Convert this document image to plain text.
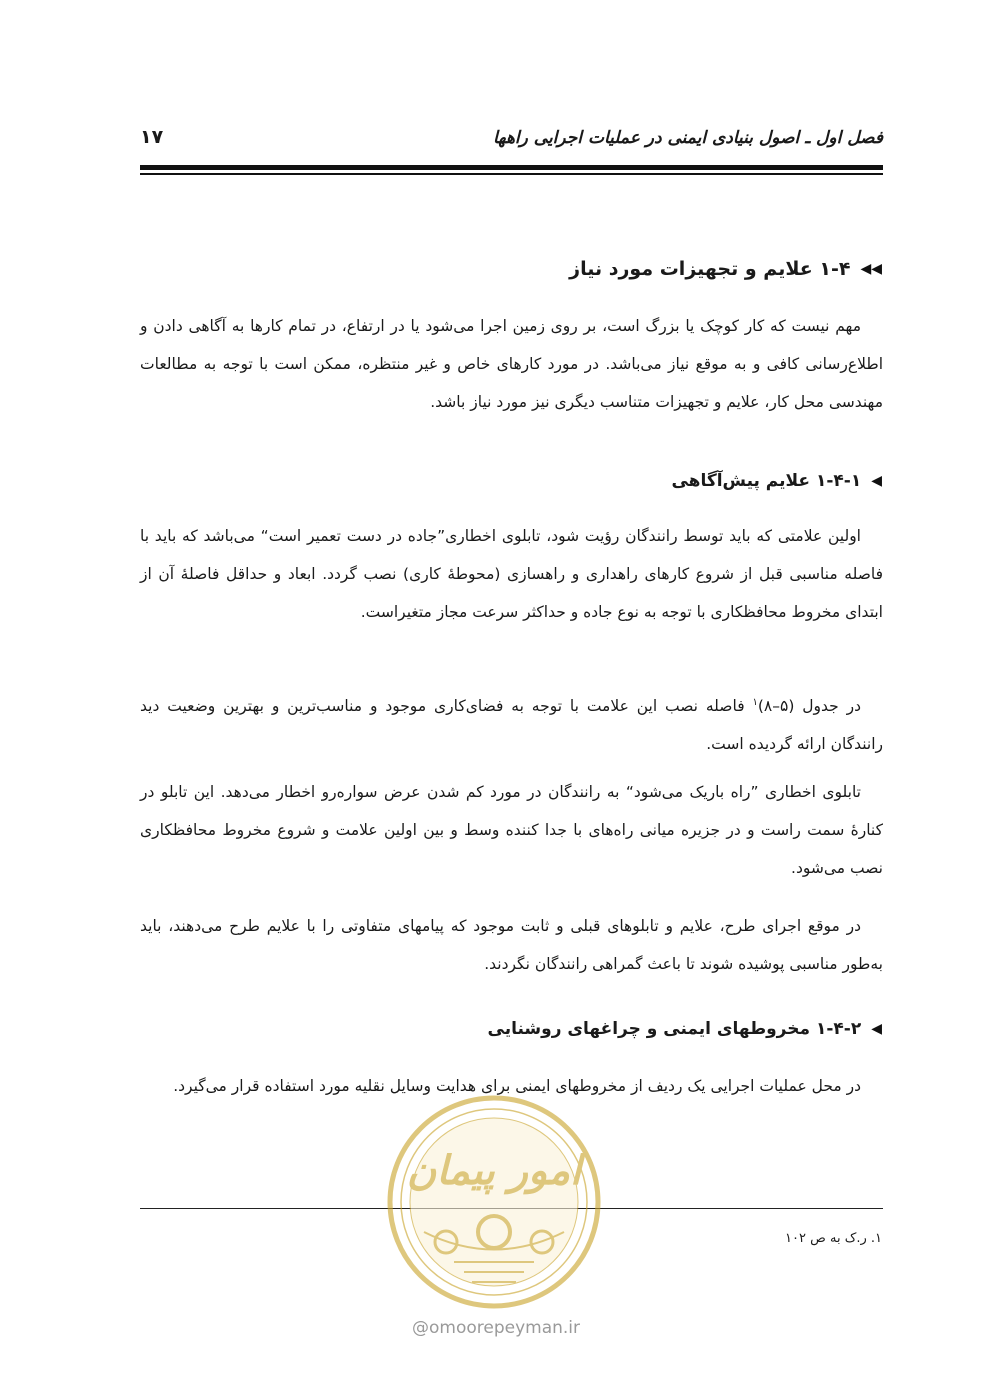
فصل اول ـ اصول بنیادی ایمنی در عملیات اجرایی راهها
۱۷
◀◀
۱-۴ علایم و تجهیزات مورد نیاز

مهم نیست که کار کوچک یا بزرگ است، بر روی زمین اجرا می‌شود یا در ارتفاع، در تمام کارها به آگاهی دادن و اطلاع‌رسانی کافی و به موقع نیاز می‌باشد. در مورد کارهای خاص و غیر منتظره، ممکن است با توجه به مطالعات مهندسی محل کار، علایم و تجهیزات متناسب دیگری نیز مورد نیاز باشد.

◀
۱-۴-۱ علایم پیش‌آگاهی

اولین علامتی که باید توسط رانندگان رؤیت شود، تابلوی اخطاری”جاده در دست تعمیر است“ می‌باشد که باید با فاصله مناسبی قبل از شروع کارهای راهداری و راهسازی (محوطهٔ کاری) نصب گردد. ابعاد و حداقل فاصلهٔ آن از ابتدای مخروط محافظکاری با توجه به نوع جاده و حداکثر سرعت مجاز متغیراست.

در جدول (۵–۸)$^۱$ فاصله نصب این علامت با توجه به فضای‌کاری موجود و مناسب‌ترین و بهترین وضعیت دید رانندگان ارائه گردیده است.

تابلوی اخطاری ”راه باریک می‌شود“ به رانندگان در مورد کم شدن عرض سواره‌رو اخطار می‌دهد. این تابلو در کنارهٔ سمت راست و در جزیره میانی راه‌های با جدا کننده وسط و بین اولین علامت و شروع مخروط محافظکاری نصب می‌شود.

در موقع اجرای طرح، علایم و تابلوهای قبلی و ثابت موجود که پیامهای متفاوتی را با علایم طرح می‌دهند، باید به‌طور مناسبی پوشیده شوند تا باعث گمراهی رانندگان نگردند.

◀
۱-۴-۲ مخروطهای ایمنی و چراغهای روشنایی

در محل عملیات اجرایی یک ردیف از مخروطهای ایمنی برای هدایت وسایل نقلیه مورد استفاده قرار می‌گیرد.

۱. ر.ک به ص ۱۰۲
امور پیمان
@omoorepeyman.ir
